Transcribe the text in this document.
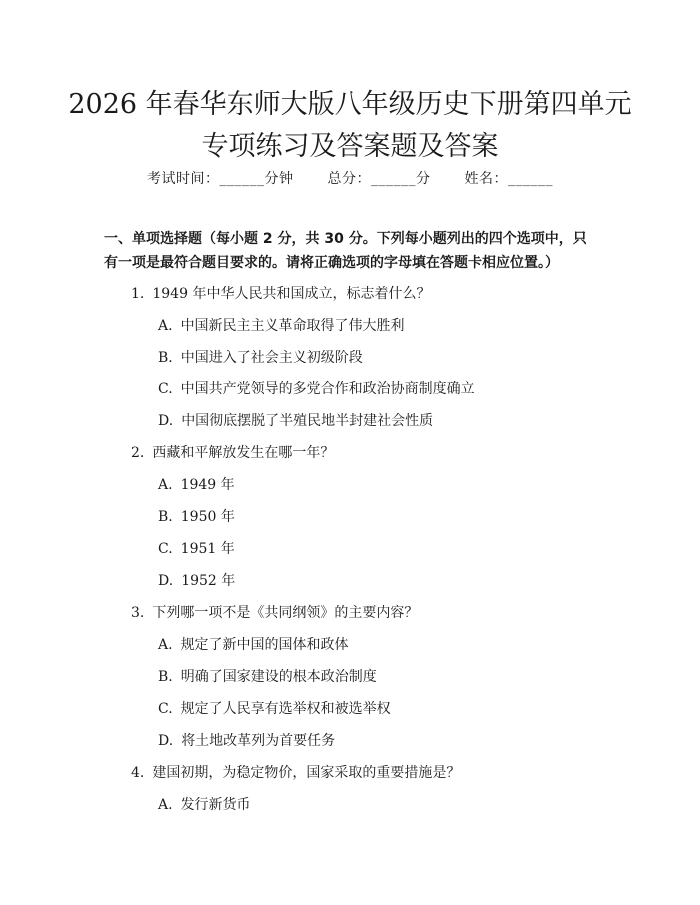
2026 年春华东师大版八年级历史下册第四单元专项练习及答案题及答案
考试时间：______分钟 总分：______分 姓名：______

一、单项选择题（每小题 2 分，共 30 分。下列每小题列出的四个选项中，只有一项是最符合题目要求的。请将正确选项的字母填在答题卡相应位置。）

1. 1949 年中华人民共和国成立，标志着什么？
A. 中国新民主主义革命取得了伟大胜利
B. 中国进入了社会主义初级阶段
C. 中国共产党领导的多党合作和政治协商制度确立
D. 中国彻底摆脱了半殖民地半封建社会性质
2. 西藏和平解放发生在哪一年？
A. 1949 年
B. 1950 年
C. 1951 年
D. 1952 年
3. 下列哪一项不是《共同纲领》的主要内容？
A. 规定了新中国的国体和政体
B. 明确了国家建设的根本政治制度
C. 规定了人民享有选举权和被选举权
D. 将土地改革列为首要任务
4. 建国初期，为稳定物价，国家采取的重要措施是？
A. 发行新货币
